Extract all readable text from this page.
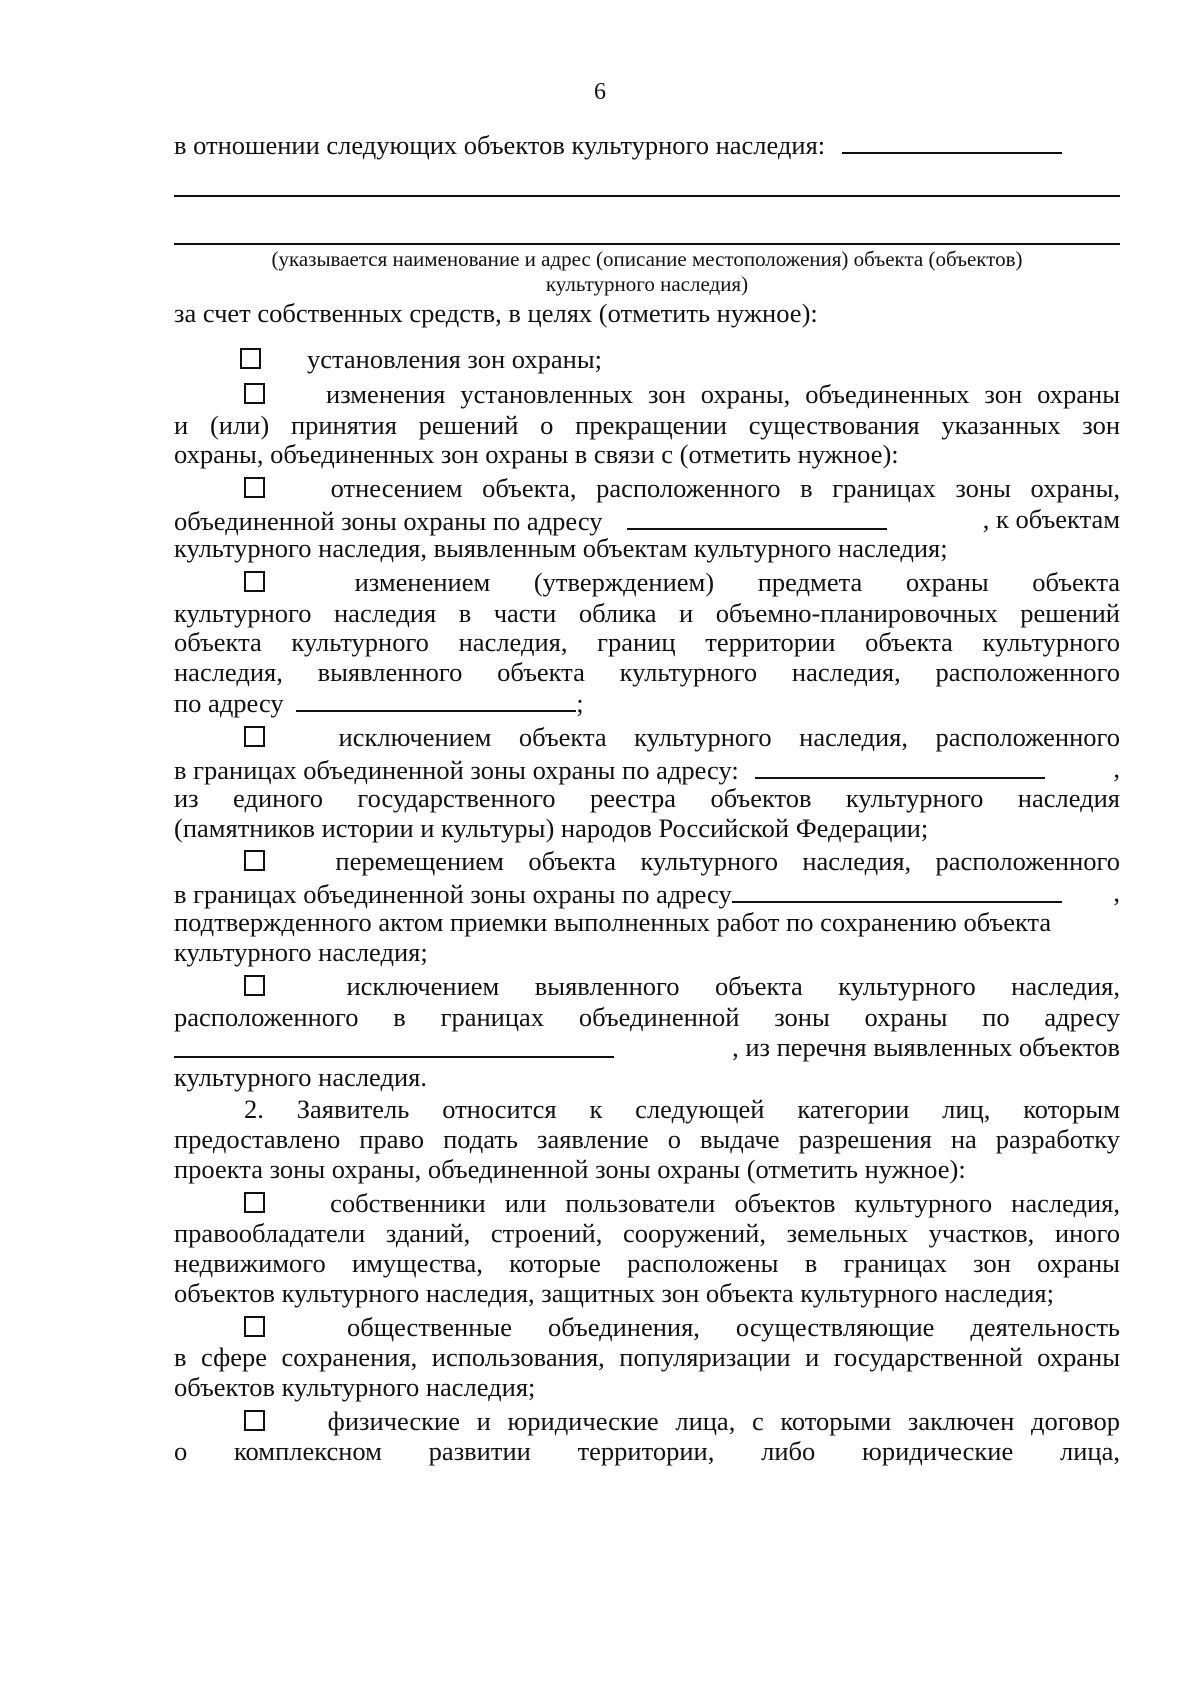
6
в отношении следующих объектов культурного наследия:
(указывается наименование и адрес (описание местоположения) объекта (объектов)
культурного наследия)
за счет собственных средств, в целях (отметить нужное):
установления зон охраны;
изменения установленных зон охраны, объединенных зон охраны
и (или) принятия решений о прекращении существования указанных зон
охраны, объединенных зон охраны в связи с (отметить нужное):
отнесением объекта, расположенного в границах зоны охраны,
объединенной зоны охраны по адресу	, к объектам
культурного наследия, выявленным объектам культурного наследия;
изменением (утверждением) предмета охраны объекта
культурного наследия в части облика и объемно-планировочных решений
объекта культурного наследия, границ территории объекта культурного
наследия, выявленного объекта культурного наследия, расположенного
по адресу	;
исключением объекта культурного наследия, расположенного
в границах объединенной зоны охраны по адресу:	,
из единого государственного реестра объектов культурного наследия
(памятников истории и культуры) народов Российской Федерации;
перемещением объекта культурного наследия, расположенного
в границах объединенной зоны охраны по адресу	,
подтвержденного актом приемки выполненных работ по сохранению объекта
культурного наследия;
исключением выявленного объекта культурного наследия,
расположенного в границах объединенной зоны охраны по адресу
, из перечня выявленных объектов
культурного наследия.
2. Заявитель относится к следующей категории лиц, которым
предоставлено право подать заявление о выдаче разрешения на разработку
проекта зоны охраны, объединенной зоны охраны (отметить нужное):
собственники или пользователи объектов культурного наследия,
правообладатели зданий, строений, сооружений, земельных участков, иного
недвижимого имущества, которые расположены в границах зон охраны
объектов культурного наследия, защитных зон объекта культурного наследия;
общественные объединения, осуществляющие деятельность
в сфере сохранения, использования, популяризации и государственной охраны
объектов культурного наследия;
физические и юридические лица, с которыми заключен договор
о комплексном развитии территории, либо юридические лица,
